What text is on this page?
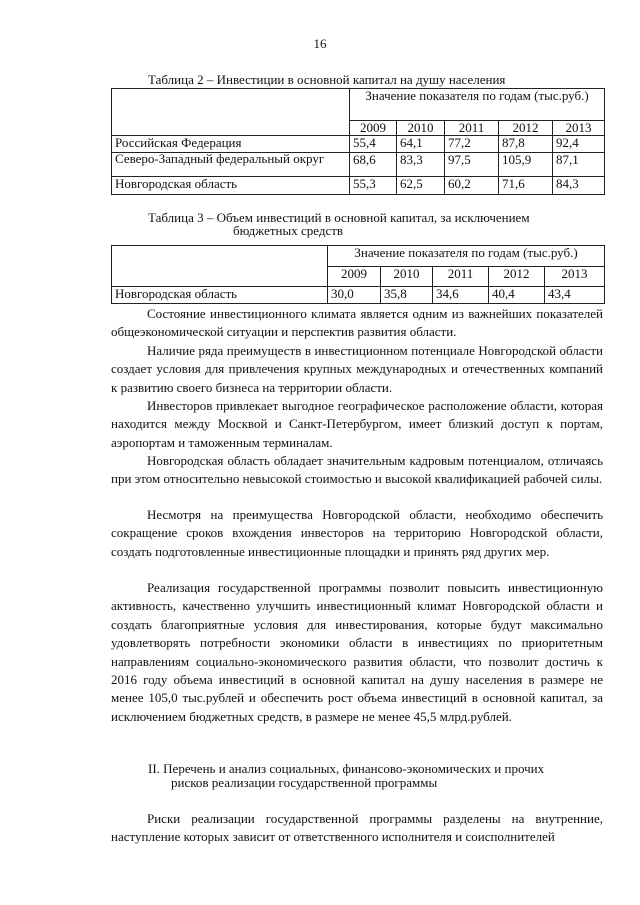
16
Таблица 2 – Инвестиции в основной капитал на душу населения
	Значение показателя по годам (тыс.руб.)				
	2009	2010	2011	2012	2013
Российская Федерация	55,4	64,1	77,2	87,8	92,4
Северо-Западный федеральный округ	68,6	83,3	97,5	105,9	87,1
Новгородская область	55,3	62,5	60,2	71,6	84,3
Таблица 3 – Объем инвестиций в основной капитал, за исключением
бюджетных средств
	Значение показателя по годам (тыс.руб.)				
	2009	2010	2011	2012	2013
Новгородская область	30,0	35,8	34,6	40,4	43,4

Состояние инвестиционного климата является одним из важнейших показателей общеэкономической ситуации и перспектив развития области.

Наличие ряда преимуществ в инвестиционном потенциале Новгородской области создает условия для привлечения крупных международных и отечественных компаний к развитию своего бизнеса на территории области.

Инвесторов привлекает выгодное географическое расположение области, которая находится между Москвой и Санкт-Петербургом, имеет близкий доступ к портам, аэропортам и таможенным терминалам.

Новгородская область обладает значительным кадровым потенциалом, отличаясь при этом относительно невысокой стоимостью и высокой квалификацией рабочей силы.

Несмотря на преимущества Новгородской области, необходимо обеспечить сокращение сроков вхождения инвесторов на территорию Новгородской области, создать подготовленные инвестиционные площадки и принять ряд других мер.

Реализация государственной программы позволит повысить инвестиционную активность, качественно улучшить инвестиционный климат Новгородской области и создать благоприятные условия для инвестирования, которые будут максимально удовлетворять потребности экономики области в инвестициях по приоритетным направлениям социально-экономического развития области, что позволит достичь к 2016 году объема инвестиций в основной капитал на душу населения в размере не менее 105,0 тыс.рублей и обеспечить рост объема инвестиций в основной капитал, за исключением бюджетных средств, в размере не менее 45,5 млрд.рублей.

II. Перечень и анализ социальных, финансово-экономических и прочих
рисков реализации государственной программы

Риски реализации государственной программы разделены на внутренние, наступление которых зависит от ответственного исполнителя и соисполнителей
